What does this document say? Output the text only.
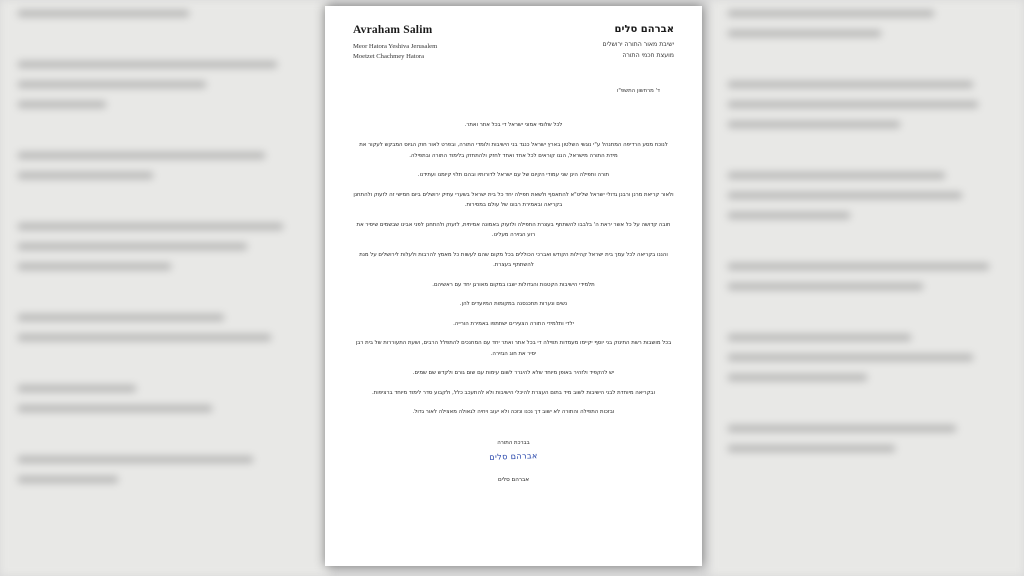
Avraham Salim
Meor Hatora Yeshiva Jerusalem
Moetzet Chachmey Hatora
אברהם סלים
ישיבת מאור התורה ירושלים
מועצת חכמי התורה
ד' מרחשון התשפ"ו

לכל שלומי אמוני ישראל די בכל אתר ואתר.

לנוכח מסע הרדיפה המתנהל ע"י נוגשי השלטון בארץ ישראל כנגד בני הישיבות ולומדי התורה, ובפרט לאור חוק הגיוס המבקש לעקור את מידת התורה מישראל, הננו קוראים לכל אחד ואחד לחזק ולהתחזק בלימוד התורה ובתפילה.

תורה ותפילה הינן שני עמודי הקיום של עם ישראל לדורותיו ובהם תלוי קיומנו ועתידנו.

ולאור קריאת מרנן ורבנן גדולי ישראל שליט"א להתאסף ולשאת תפילה יחד כל בית ישראל בשערי עתיק ירושלים ביום חמישי זה לזעוק ולהתחנן בקריאה ובאמירת רבונו של עולם במסירות.

חובה קדושה על כל אשר יראת ה' בלבבו להשתתף בעצרת התפילה ולזעוק באמונה אמיתית, לזעוק ולהתחנן לפני אבינו שבשמים שיסיר את רוע הגזירה מעלינו.

והננו בקריאה לכל עמך בית ישראל קהילות הקודש ואברכי הכוללים בכל מקום שהם לעשות כל מאמץ להרבות ולעלות לירושלים על מנת להשתתף בעצרת.

תלמידי הישיבות הקטנות והגדולות ישבו במקום מאורגן יחד עם ראשיהם.

נשים ונערות תתכנסנה במקומות המיועדים להן.

ילדי ותלמידי התורה הצעירים ישתתפו באמירת הורייה.

בכל מושבות רשת התינוק בני יוסף יקיימו מעמדות תפילה די בכל אתר ואתר יחד עם המחנכים להתפלל הרבים, ושעת התעוררות של בית רבן יסיר את חוג הגזירה.

יש להקפיד ולזהיר באופן מיוחד שלא להיגרר לשום עימות עם שום גורם ולקדש שם שמים.

ובקריאה מיוחדת לבני הישיבות לשוב מיד בתום העצרת להיכלי הישיבות ולא להתעכב כלל, ולקבוע סדר לימוד מיוחד ברציפות.

ובזכות התפילה והתורה לא ישוב דך נכנו ונזכה ולא יעוב ויחיה לגאולה מאצילה לאור גדול.

בברכת התורה
אברהם סלים
אברהם סלים
